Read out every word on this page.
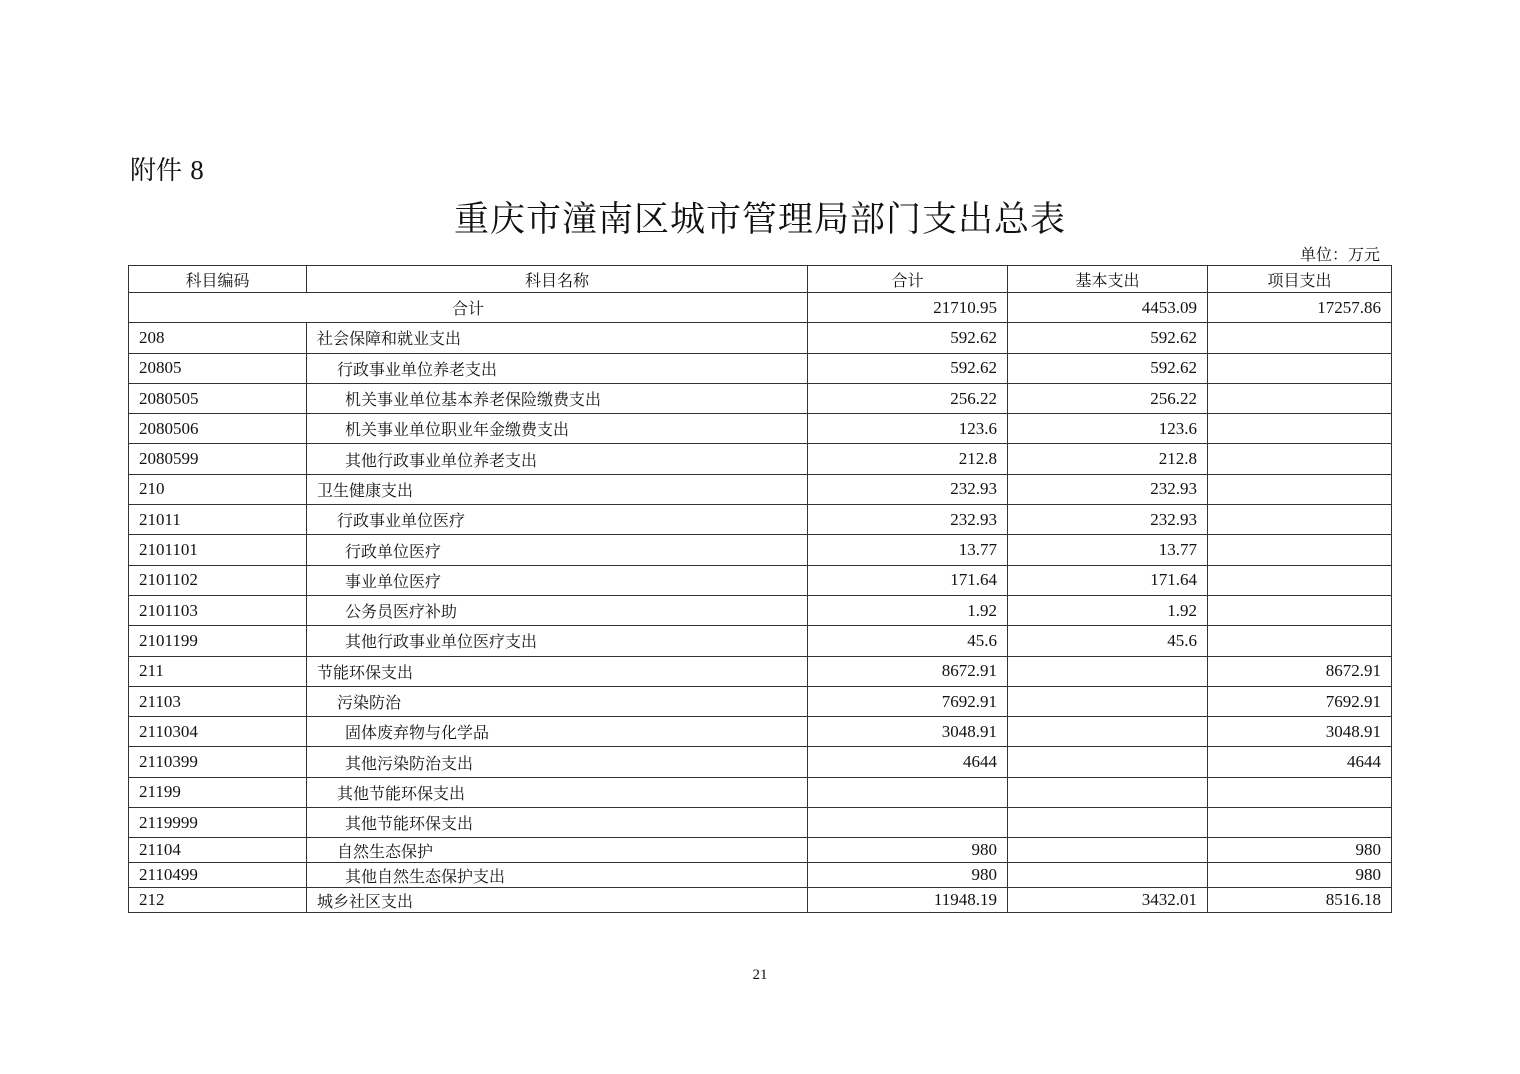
附件 8
重庆市潼南区城市管理局部门支出总表
单位：万元
科目编码	科目名称	合计	基本支出	项目支出
合计		21710.95	4453.09	17257.86
208	社会保障和就业支出	592.62	592.62	
20805	行政事业单位养老支出	592.62	592.62	
2080505	机关事业单位基本养老保险缴费支出	256.22	256.22	
2080506	机关事业单位职业年金缴费支出	123.6	123.6	
2080599	其他行政事业单位养老支出	212.8	212.8	
210	卫生健康支出	232.93	232.93	
21011	行政事业单位医疗	232.93	232.93	
2101101	行政单位医疗	13.77	13.77	
2101102	事业单位医疗	171.64	171.64	
2101103	公务员医疗补助	1.92	1.92	
2101199	其他行政事业单位医疗支出	45.6	45.6	
211	节能环保支出	8672.91		8672.91
21103	污染防治	7692.91		7692.91
2110304	固体废弃物与化学品	3048.91		3048.91
2110399	其他污染防治支出	4644		4644
21199	其他节能环保支出			
2119999	其他节能环保支出			
21104	自然生态保护	980		980
2110499	其他自然生态保护支出	980		980
212	城乡社区支出	11948.19	3432.01	8516.18
21
